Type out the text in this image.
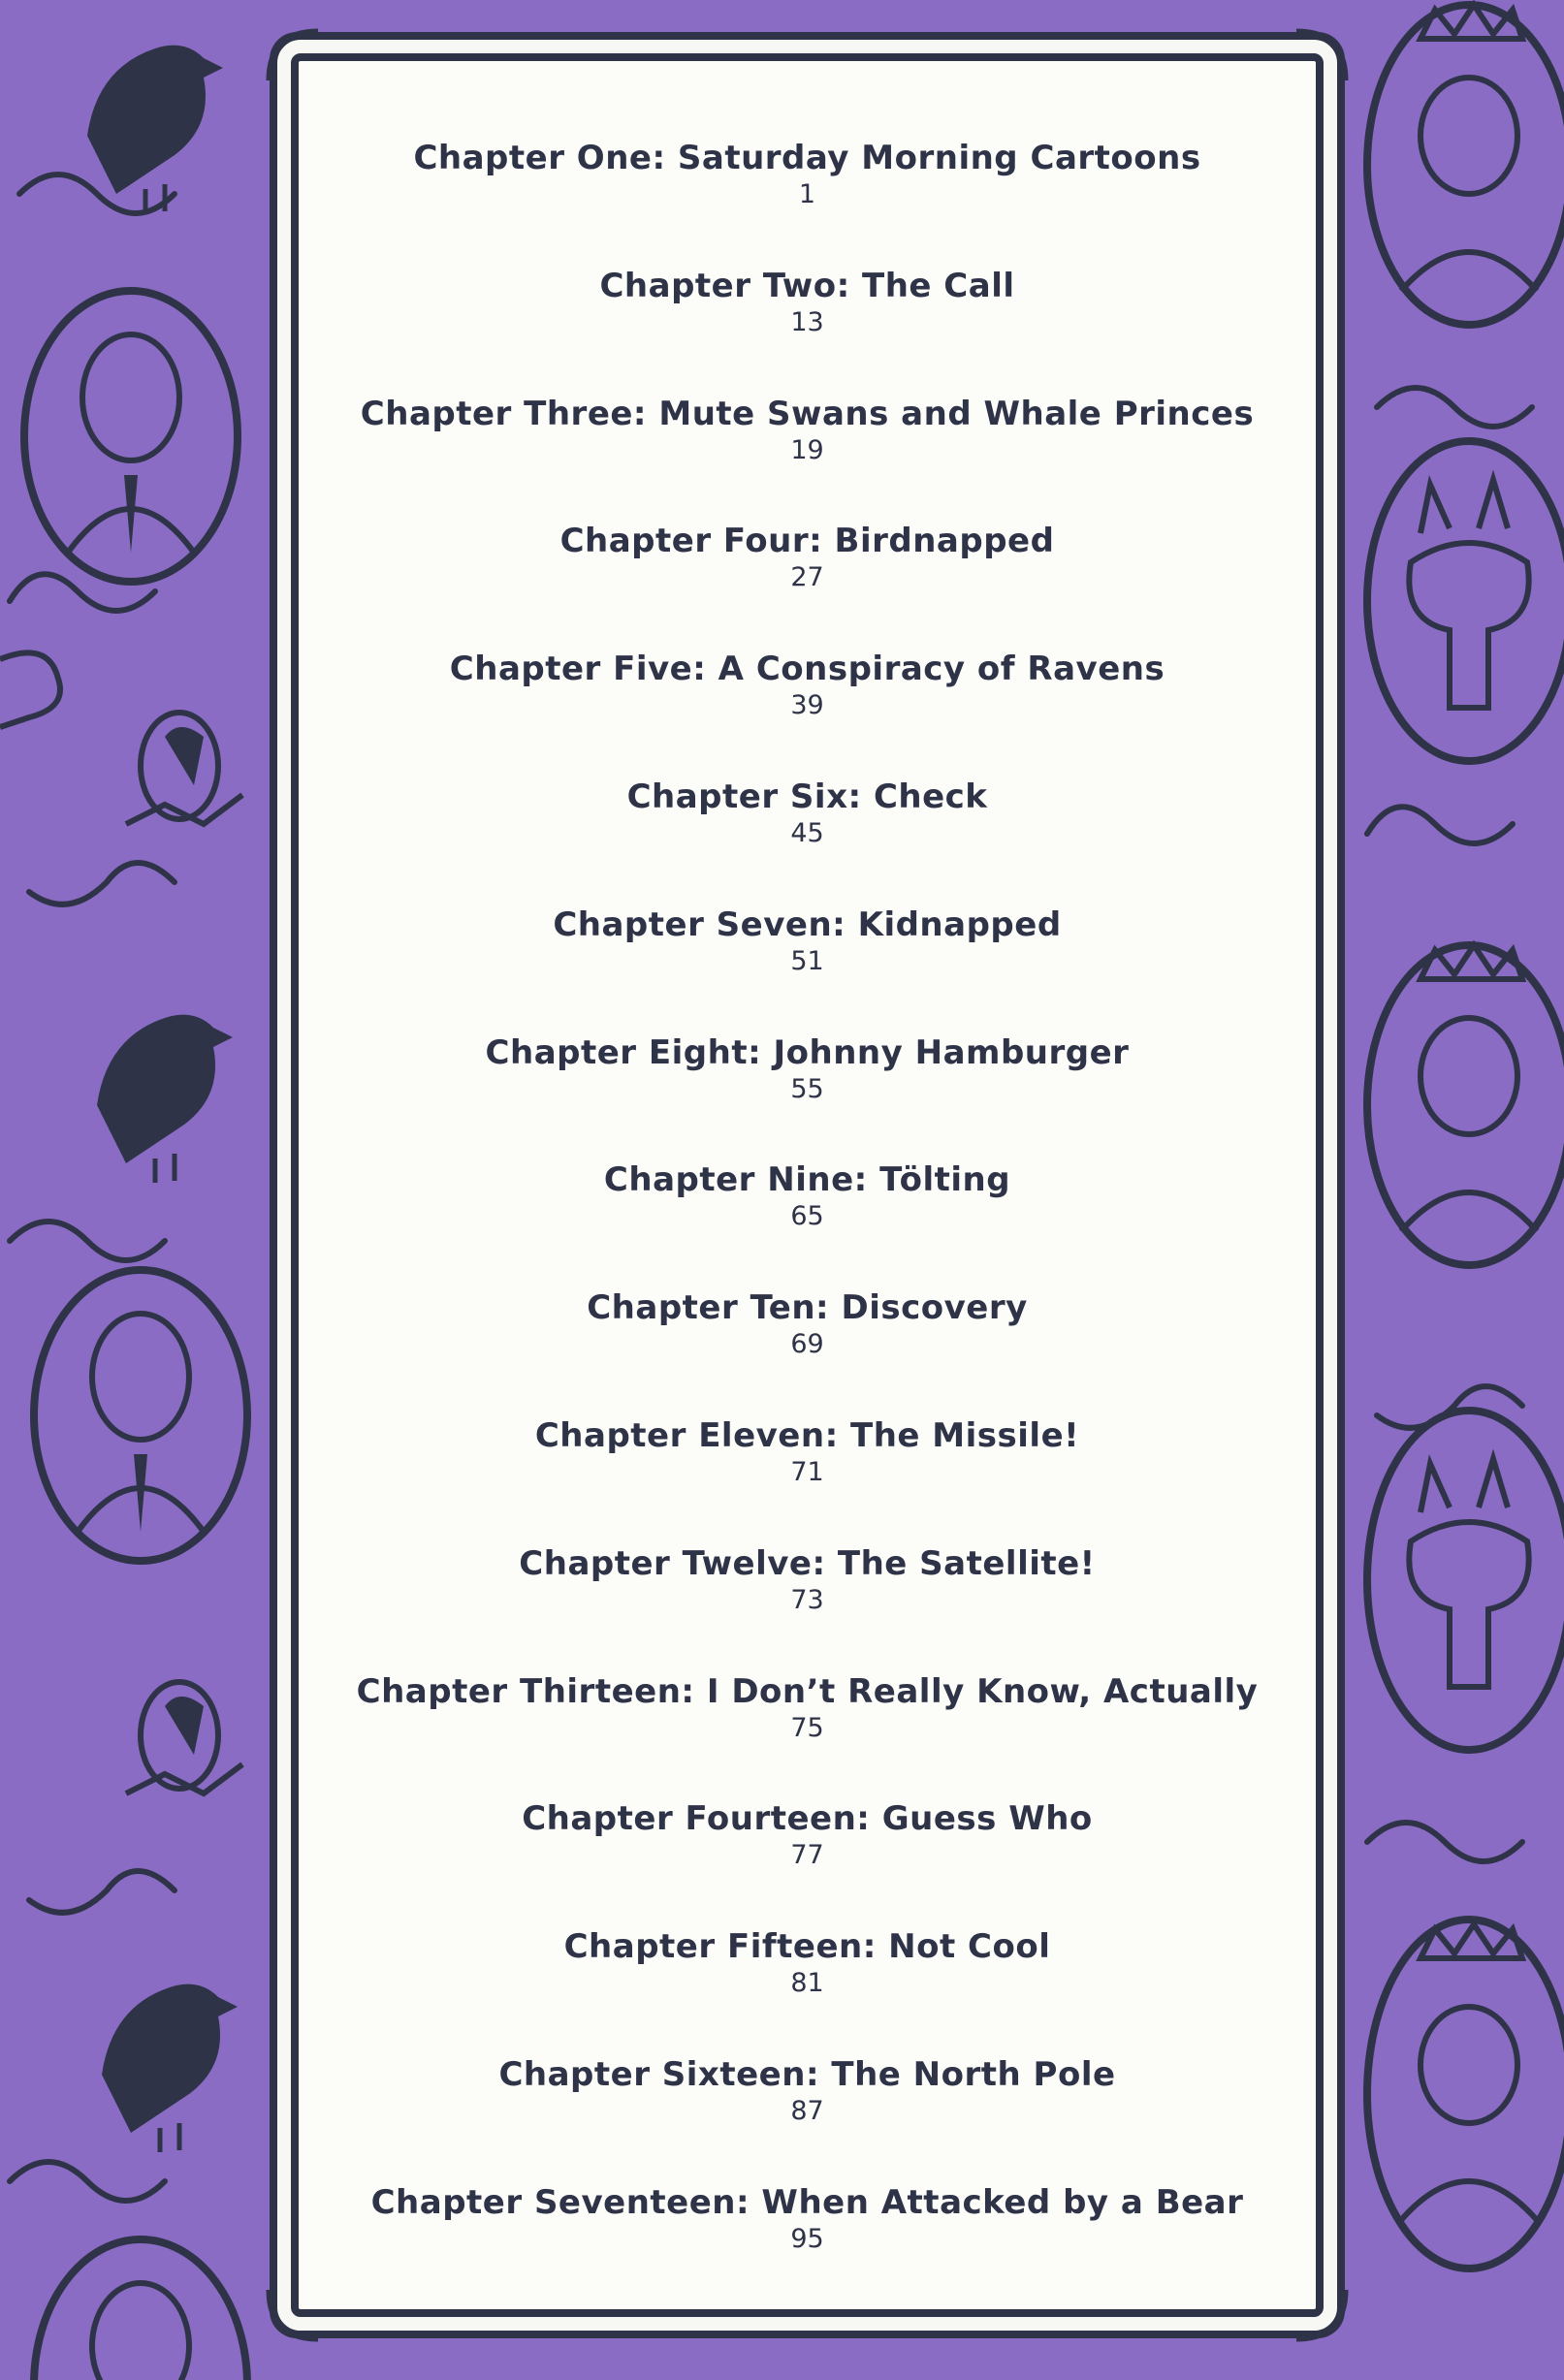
Chapter One: Saturday Morning Cartoons
1
Chapter Two: The Call
13
Chapter Three: Mute Swans and Whale Princes
19
Chapter Four: Birdnapped
27
Chapter Five: A Conspiracy of Ravens
39
Chapter Six: Check
45
Chapter Seven: Kidnapped
51
Chapter Eight: Johnny Hamburger
55
Chapter Nine: Tölting
65
Chapter Ten: Discovery
69
Chapter Eleven: The Missile!
71
Chapter Twelve: The Satellite!
73
Chapter Thirteen: I Don’t Really Know, Actually
75
Chapter Fourteen: Guess Who
77
Chapter Fifteen: Not Cool
81
Chapter Sixteen: The North Pole
87
Chapter Seventeen: When Attacked by a Bear
95
